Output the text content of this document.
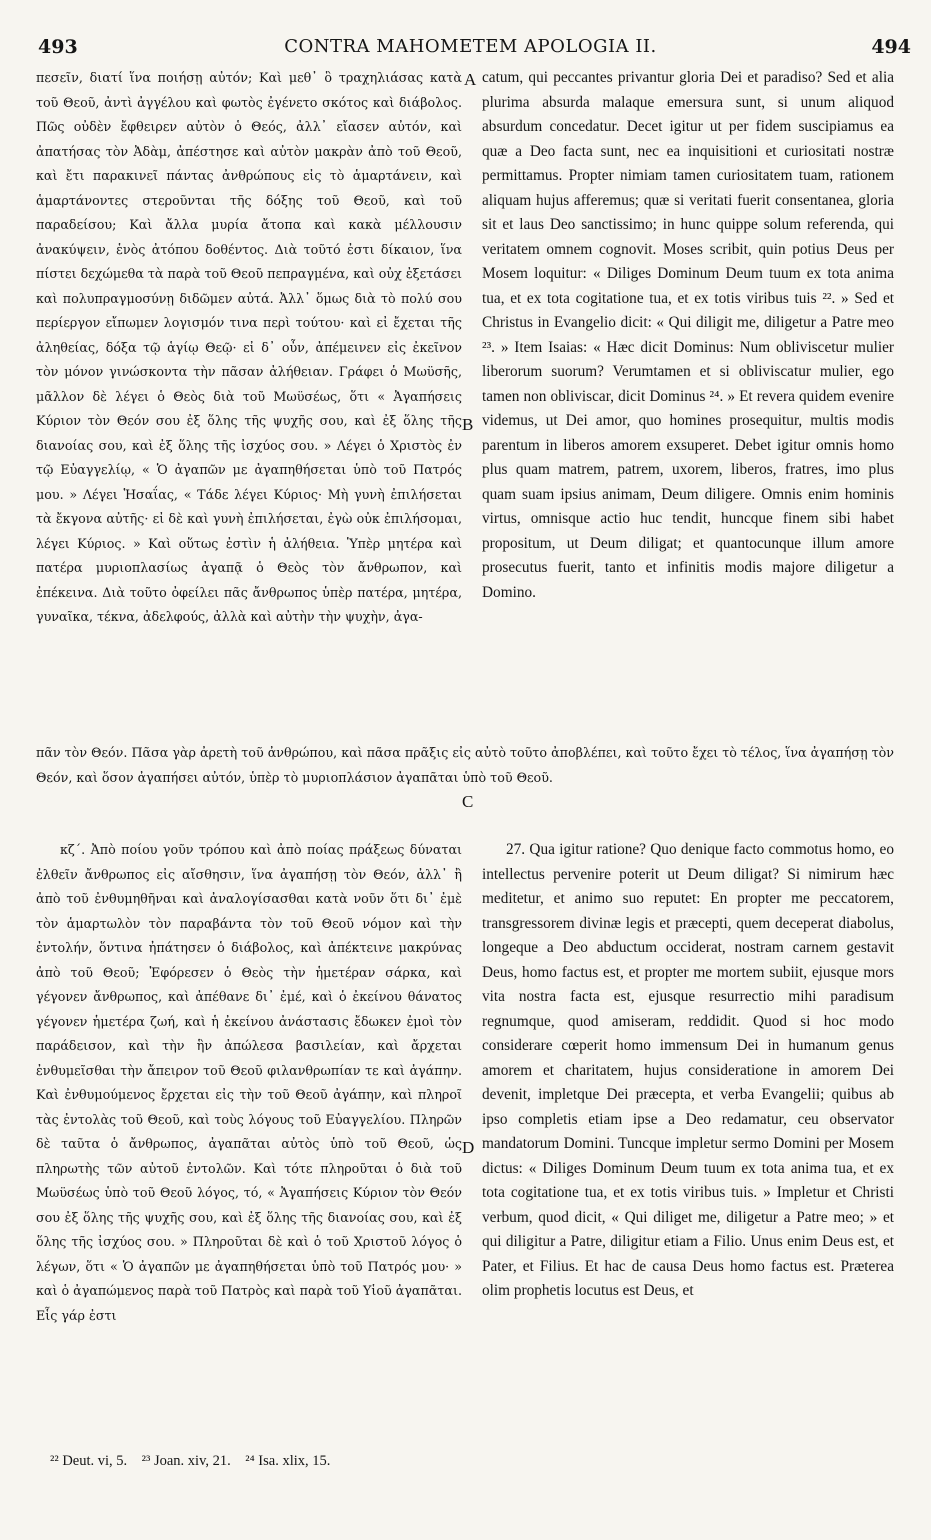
493	CONTRA MAHOMETEM APOLOGIA II.	494

πεσεῖν, διατί ἵνα ποιήσῃ αὐτόν; Καὶ μεθ᾽ ὃ τραχηλιάσας κατὰ τοῦ Θεοῦ, ἀντὶ ἀγγέλου καὶ φωτὸς ἐγένετο σκότος καὶ διάβολος. Πῶς οὐδὲν ἔφθειρεν αὐτὸν ὁ Θεός, ἀλλ᾽ εἴασεν αὐτόν, καὶ ἀπατήσας τὸν Ἀδὰμ, ἀπέστησε καὶ αὐτὸν μακρὰν ἀπὸ τοῦ Θεοῦ, καὶ ἔτι παρακινεῖ πάντας ἀνθρώπους εἰς τὸ ἁμαρτάνειν, καὶ ἁμαρτάνοντες στεροῦνται τῆς δόξης τοῦ Θεοῦ, καὶ τοῦ παραδείσου; Καὶ ἄλλα μυρία ἄτοπα καὶ κακὰ μέλλουσιν ἀνακύψειν, ἑνὸς ἀτόπου δοθέντος. Διὰ τοῦτό ἐστι δίκαιον, ἵνα πίστει δεχώμεθα τὰ παρὰ τοῦ Θεοῦ πεπραγμένα, καὶ οὐχ ἐξετάσει καὶ πολυπραγμοσύνῃ διδῶμεν αὐτά. Ἀλλ᾽ ὅμως διὰ τὸ πολύ σου περίεργον εἴπωμεν λογισμόν τινα περὶ τούτου· καὶ εἰ ἔχεται τῆς ἀληθείας, δόξα τῷ ἁγίῳ Θεῷ· εἰ δ᾽ οὖν, ἀπέμεινεν εἰς ἐκεῖνον τὸν μόνον γινώσκοντα τὴν πᾶσαν ἀλήθειαν. Γράφει ὁ Μωϋσῆς, μᾶλλον δὲ λέγει ὁ Θεὸς διὰ τοῦ Μωϋσέως, ὅτι « Ἀγαπήσεις Κύριον τὸν Θεόν σου ἐξ ὅλης τῆς ψυχῆς σου, καὶ ἐξ ὅλης τῆς διανοίας σου, καὶ ἐξ ὅλης τῆς ἰσχύος σου. » Λέγει ὁ Χριστὸς ἐν τῷ Εὐαγγελίῳ, « Ὁ ἀγαπῶν με ἀγαπηθήσεται ὑπὸ τοῦ Πατρός μου. » Λέγει Ἡσαΐας, « Τάδε λέγει Κύριος· Μὴ γυνὴ ἐπιλήσεται τὰ ἔκγονα αὐτῆς· εἰ δὲ καὶ γυνὴ ἐπιλήσεται, ἐγὼ οὐκ ἐπιλήσομαι, λέγει Κύριος. » Καὶ οὕτως ἐστὶν ἡ ἀλήθεια. Ὑπὲρ μητέρα καὶ πατέρα μυριοπλασίως ἀγαπᾷ ὁ Θεὸς τὸν ἄνθρωπον, καὶ ἐπέκεινα. Διὰ τοῦτο ὀφείλει πᾶς ἄνθρωπος ὑπὲρ πατέρα, μητέρα, γυναῖκα, τέκνα, ἀδελφούς, ἀλλὰ καὶ αὐτὴν τὴν ψυχὴν, ἀγα-

catum, qui peccantes privantur gloria Dei et paradiso? Sed et alia plurima absurda malaque emersura sunt, si unum aliquod absurdum concedatur. Decet igitur ut per fidem suscipiamus ea quæ a Deo facta sunt, nec ea inquisitioni et curiositati nostræ permittamus. Propter nimiam tamen curiositatem tuam, rationem aliquam hujus afferemus; quæ si veritati fuerit consentanea, gloria sit et laus Deo sanctissimo; in hunc quippe solum referenda, qui veritatem omnem cognovit. Moses scribit, quin potius Deus per Mosem loquitur: « Diliges Dominum Deum tuum ex tota anima tua, et ex tota cogitatione tua, et ex totis viribus tuis ²². » Sed et Christus in Evangelio dicit: « Qui diligit me, diligetur a Patre meo ²³. » Item Isaias: « Hæc dicit Dominus: Num obliviscetur mulier liberorum suorum? Verumtamen et si obliviscatur mulier, ego tamen non obliviscar, dicit Dominus ²⁴. » Et revera quidem evenire videmus, ut Dei amor, quo homines prosequitur, multis modis parentum in liberos amorem exsuperet. Debet igitur omnis homo plus quam matrem, patrem, uxorem, liberos, fratres, imo plus quam suam ipsius animam, Deum diligere. Omnis enim hominis virtus, omnisque actio huc tendit, huncque finem sibi habet propositum, ut Deum diligat; et quantocunque illum amore prosecutus fuerit, tanto et infinitis modis majore diligetur a Domino.

πᾶν τὸν Θεόν. Πᾶσα γὰρ ἀρετὴ τοῦ ἀνθρώπου, καὶ πᾶσα πρᾶξις εἰς αὐτὸ τοῦτο ἀποβλέπει, καὶ τοῦτο ἔχει τὸ τέλος, ἵνα ἀγαπήσῃ τὸν Θεόν, καὶ ὅσον ἀγαπήσει αὐτόν, ὑπὲρ τὸ μυριοπλάσιον ἀγαπᾶται ὑπὸ τοῦ Θεοῦ.

κζ΄. Ἀπὸ ποίου γοῦν τρόπου καὶ ἀπὸ ποίας πράξεως δύναται ἐλθεῖν ἄνθρωπος εἰς αἴσθησιν, ἵνα ἀγαπήσῃ τὸν Θεόν, ἀλλ᾽ ἢ ἀπὸ τοῦ ἐνθυμηθῆναι καὶ ἀναλογίσασθαι κατὰ νοῦν ὅτι δι᾽ ἐμὲ τὸν ἁμαρτωλὸν τὸν παραβάντα τὸν τοῦ Θεοῦ νόμον καὶ τὴν ἐντολήν, ὅντινα ἠπάτησεν ὁ διάβολος, καὶ ἀπέκτεινε μακρύνας ἀπὸ τοῦ Θεοῦ; Ἐφόρεσεν ὁ Θεὸς τὴν ἡμετέραν σάρκα, καὶ γέγονεν ἄνθρωπος, καὶ ἀπέθανε δι᾽ ἐμέ, καὶ ὁ ἐκείνου θάνατος γέγονεν ἡμετέρα ζωή, καὶ ἡ ἐκείνου ἀνάστασις ἔδωκεν ἐμοὶ τὸν παράδεισον, καὶ τὴν ἣν ἀπώλεσα βασιλείαν, καὶ ἄρχεται ἐνθυμεῖσθαι τὴν ἄπειρον τοῦ Θεοῦ φιλανθρωπίαν τε καὶ ἀγάπην. Καὶ ἐνθυμούμενος ἔρχεται εἰς τὴν τοῦ Θεοῦ ἀγάπην, καὶ πληροῖ τὰς ἐντολὰς τοῦ Θεοῦ, καὶ τοὺς λόγους τοῦ Εὐαγγελίου. Πληρῶν δὲ ταῦτα ὁ ἄνθρωπος, ἀγαπᾶται αὐτὸς ὑπὸ τοῦ Θεοῦ, ὡς πληρωτὴς τῶν αὐτοῦ ἐντολῶν. Καὶ τότε πληροῦται ὁ διὰ τοῦ Μωϋσέως ὑπὸ τοῦ Θεοῦ λόγος, τό, « Ἀγαπήσεις Κύριον τὸν Θεόν σου ἐξ ὅλης τῆς ψυχῆς σου, καὶ ἐξ ὅλης τῆς διανοίας σου, καὶ ἐξ ὅλης τῆς ἰσχύος σου. » Πληροῦται δὲ καὶ ὁ τοῦ Χριστοῦ λόγος ὁ λέγων, ὅτι « Ὁ ἀγαπῶν με ἀγαπηθήσεται ὑπὸ τοῦ Πατρός μου· » καὶ ὁ ἀγαπώμενος παρὰ τοῦ Πατρὸς καὶ παρὰ τοῦ Υἱοῦ ἀγαπᾶται. Εἷς γάρ ἐστι

27. Qua igitur ratione? Quo denique facto commotus homo, eo intellectus pervenire poterit ut Deum diligat? Si nimirum hæc meditetur, et animo suo reputet: En propter me peccatorem, transgressorem divinæ legis et præcepti, quem deceperat diabolus, longeque a Deo abductum occiderat, nostram carnem gestavit Deus, homo factus est, et propter me mortem subiit, ejusque mors vita nostra facta est, ejusque resurrectio mihi paradisum regnumque, quod amiseram, reddidit. Quod si hoc modo considerare cœperit homo immensum Dei in humanum genus amorem et charitatem, hujus consideratione in amorem Dei devenit, impletque Dei præcepta, et verba Evangelii; quibus ab ipso completis etiam ipse a Deo redamatur, ceu observator mandatorum Domini. Tuncque impletur sermo Domini per Mosem dictus: « Diliges Dominum Deum tuum ex tota anima tua, et ex tota cogitatione tua, et ex totis viribus tuis. » Impletur et Christi verbum, quod dicit, « Qui diliget me, diligetur a Patre meo; » et qui diligitur a Patre, diligitur etiam a Filio. Unus enim Deus est, et Pater, et Filius. Et hac de causa Deus homo factus est. Præterea olim prophetis locutus est Deus, et

A
B
C
D
²² Deut. vi, 5.    ²³ Joan. xiv, 21.    ²⁴ Isa. xlix, 15.
